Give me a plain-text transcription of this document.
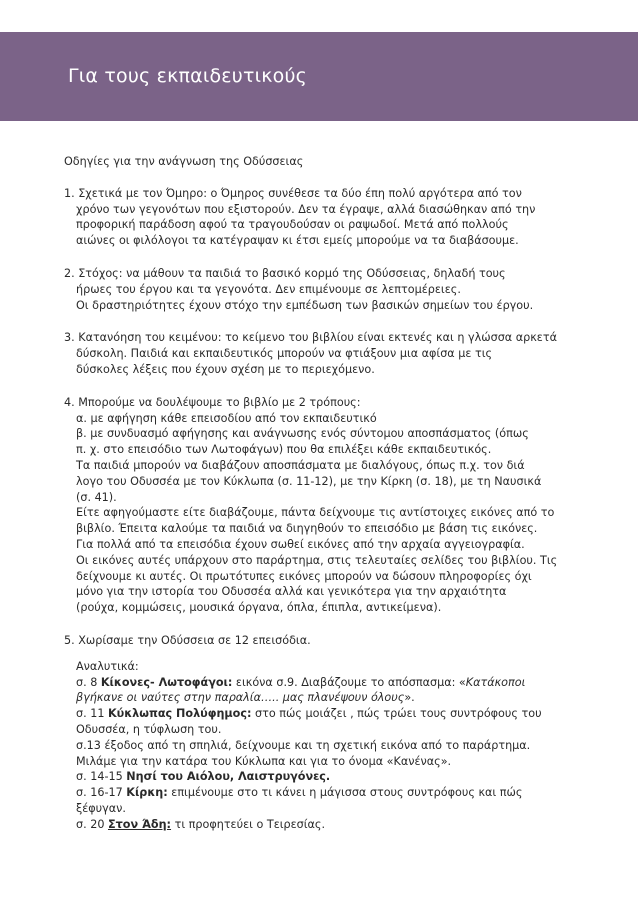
Για τους εκπαιδευτικούς

Οδηγίες για την ανάγνωση της Οδύσσειας

1. Σχετικά με τον Όμηρο: ο Όμηρος συνέθεσε τα δύο έπη πολύ αργότερα από τον
χρόνο των γεγονότων που εξιστορούν. Δεν τα έγραψε, αλλά διασώθηκαν από την
προφορική παράδοση αφού τα τραγουδούσαν οι ραψωδοί. Μετά από πολλούς
αιώνες οι φιλόλογοι τα κατέγραψαν κι έτσι εμείς μπορούμε να τα διαβάσουμε.
2. Στόχος: να μάθουν τα παιδιά το βασικό κορμό της Οδύσσειας, δηλαδή τους
ήρωες του έργου και τα γεγονότα. Δεν επιμένουμε σε λεπτομέρειες.
Οι δραστηριότητες έχουν στόχο την εμπέδωση των βασικών σημείων του έργου.
3. Κατανόηση του κειμένου: το κείμενο του βιβλίου είναι εκτενές και η γλώσσα αρκετά
δύσκολη. Παιδιά και εκπαιδευτικός μπορούν να φτιάξουν μια αφίσα με τις
δύσκολες λέξεις που έχουν σχέση με το περιεχόμενο.
4. Μπορούμε να δουλέψουμε το βιβλίο με 2 τρόπους:
α. με αφήγηση κάθε επεισοδίου από τον εκπαιδευτικό
β. με συνδυασμό αφήγησης και ανάγνωσης ενός σύντομου αποσπάσματος (όπως
π. χ. στο επεισόδιο των Λωτοφάγων) που θα επιλέξει κάθε εκπαιδευτικός.
Τα παιδιά μπορούν να διαβάζουν αποσπάσματα με διαλόγους, όπως π.χ. τον διά
λογο του Οδυσσέα με τον Κύκλωπα (σ. 11-12), με την Κίρκη (σ. 18), με τη Ναυσικά
(σ. 41).
Είτε αφηγούμαστε είτε διαβάζουμε, πάντα δείχνουμε τις αντίστοιχες εικόνες από το
βιβλίο. Έπειτα καλούμε τα παιδιά να διηγηθούν το επεισόδιο με βάση τις εικόνες.
Για πολλά από τα επεισόδια έχουν σωθεί εικόνες από την αρχαία αγγειογραφία.
Οι εικόνες αυτές υπάρχουν στο παράρτημα, στις τελευταίες σελίδες του βιβλίου. Τις
δείχνουμε κι αυτές. Οι πρωτότυπες εικόνες μπορούν να δώσουν πληροφορίες όχι
μόνο για την ιστορία του Οδυσσέα αλλά και γενικότερα για την αρχαιότητα
(ρούχα, κομμώσεις, μουσικά όργανα, όπλα, έπιπλα, αντικείμενα).
5. Χωρίσαμε την Οδύσσεια σε 12 επεισόδια.
Αναλυτικά:
σ. 8 Κίκονες- Λωτοφάγοι: εικόνα σ.9. Διαβάζουμε το απόσπασμα: «Κατάκοποι
βγήκανε οι ναύτες στην παραλία….. μας πλανέψουν όλους».
σ. 11 Κύκλωπας Πολύφημος: στο πώς μοιάζει , πώς τρώει τους συντρόφους του
Οδυσσέα, η τύφλωση του.
σ.13 έξοδος από τη σπηλιά, δείχνουμε και τη σχετική εικόνα από το παράρτημα.
Μιλάμε για την κατάρα του Κύκλωπα και για το όνομα «Κανένας».
σ. 14-15 Νησί του Αιόλου, Λαιστρυγόνες.
σ. 16-17 Κίρκη: επιμένουμε στο τι κάνει η μάγισσα στους συντρόφους και πώς
ξέφυγαν.
σ. 20 Στον Άδη: τι προφητεύει ο Τειρεσίας.
